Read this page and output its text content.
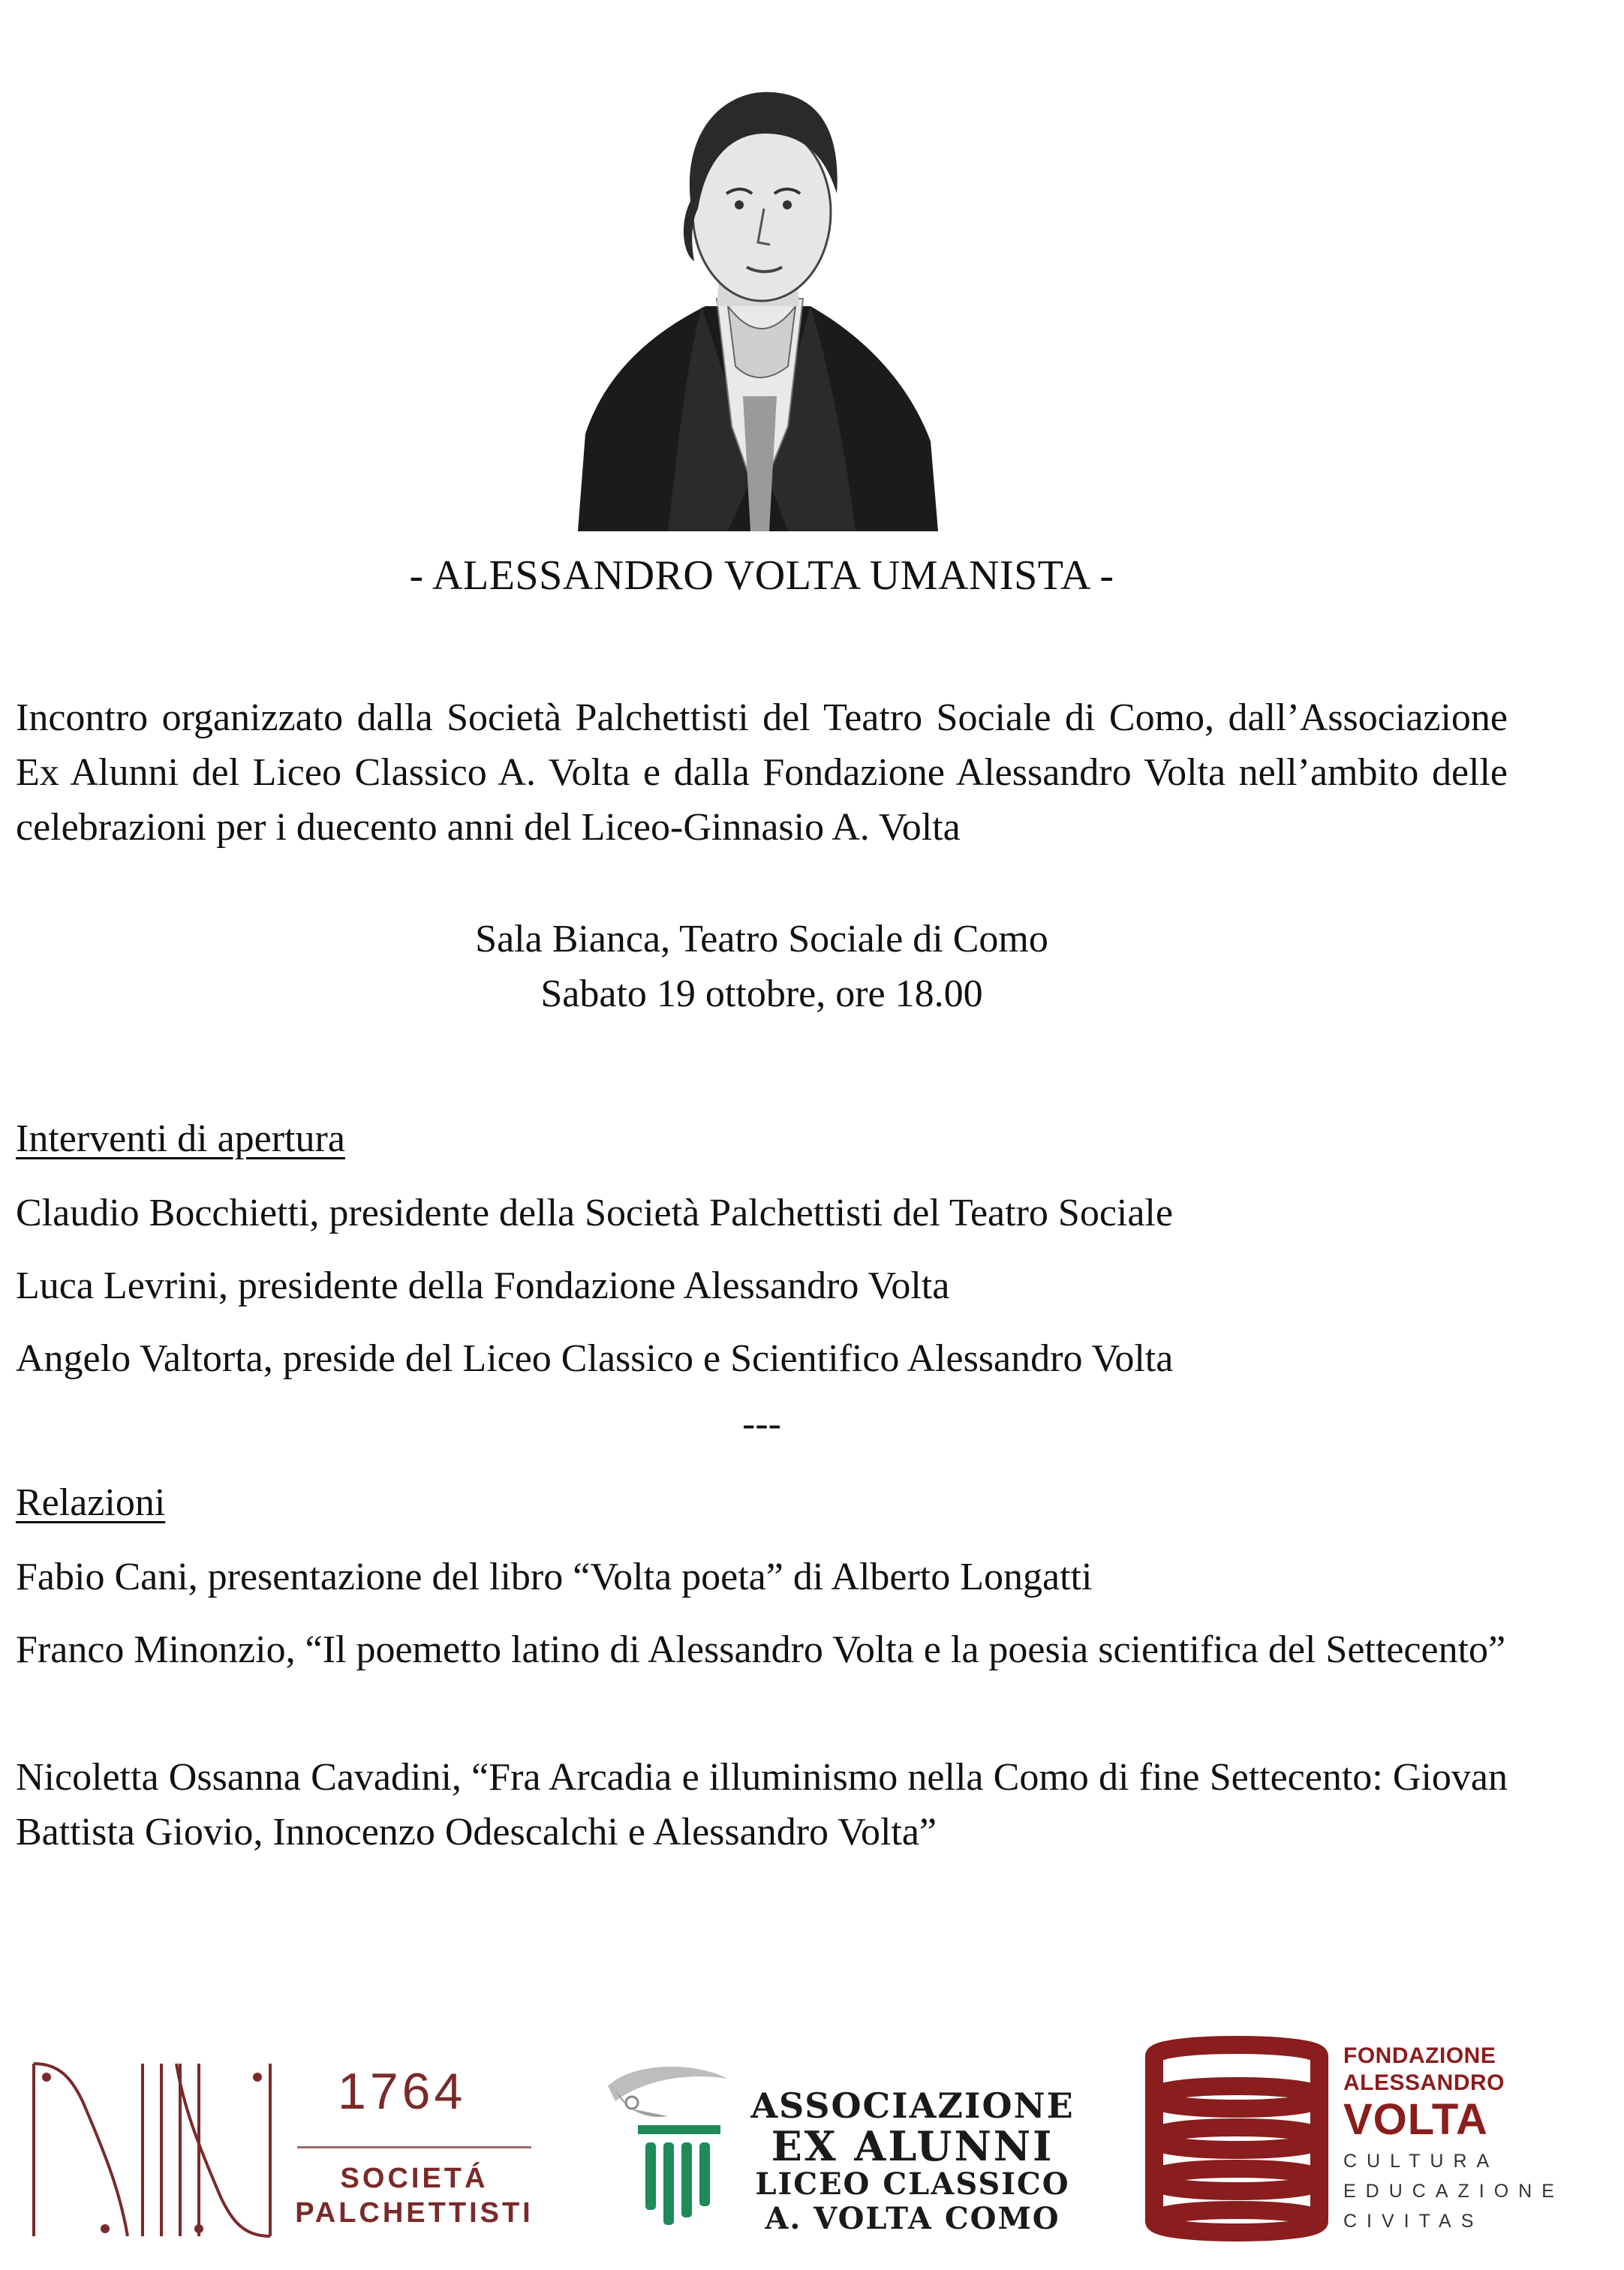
- ALESSANDRO VOLTA UMANISTA -

Incontro organizzato dalla Società Palchettisti del Teatro Sociale di Como, dall’Associazione Ex Alunni del Liceo Classico A. Volta e dalla Fondazione Alessandro Volta nell’ambito delle celebrazioni per i duecento anni del Liceo-Ginnasio A. Volta

Sala Bianca, Teatro Sociale di Como
Sabato 19 ottobre, ore 18.00
Interventi di apertura
Claudio Bocchietti, presidente della Società Palchettisti del Teatro Sociale
Luca Levrini, presidente della Fondazione Alessandro Volta
Angelo Valtorta, preside del Liceo Classico e Scientifico Alessandro Volta
---
Relazioni
Fabio Cani, presentazione del libro “Volta poeta” di Alberto Longatti
Franco Minonzio, “Il poemetto latino di Alessandro Volta e la poesia scientifica del Settecento”
Nicoletta Ossanna Cavadini, “Fra Arcadia e illuminismo nella Como di fine Settecento: Giovan Battista Giovio, Innocenzo Odescalchi e Alessandro Volta”
1764
SOCIETÁ
PALCHETTISTI
ASSOCIAZIONE
EX ALUNNI
LICEO CLASSICO
A. VOLTA COMO
FONDAZIONE
ALESSANDRO
VOLTA
CULTURA
EDUCAZIONE
CIVITAS
